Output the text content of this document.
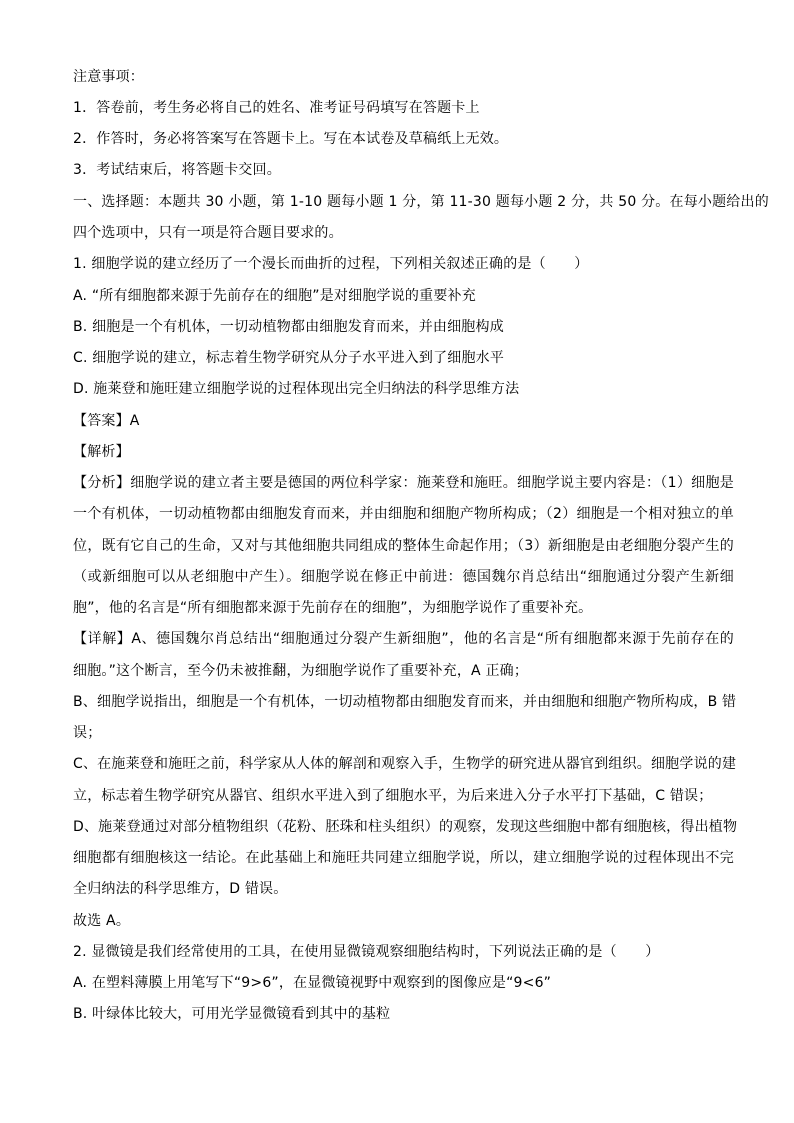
注意事项：
1．答卷前，考生务必将自己的姓名、准考证号码填写在答题卡上
2．作答时，务必将答案写在答题卡上。写在本试卷及草稿纸上无效。
3．考试结束后，将答题卡交回。
一、选择题：本题共 30 小题，第 1-10 题每小题 1 分，第 11-30 题每小题 2 分，共 50 分。在每小题给出的
四个选项中，只有一项是符合题目要求的。
1. 细胞学说的建立经历了一个漫长而曲折的过程，下列相关叙述正确的是（　　）
A. “所有细胞都来源于先前存在的细胞”是对细胞学说的重要补充
B. 细胞是一个有机体，一切动植物都由细胞发育而来，并由细胞构成
C. 细胞学说的建立，标志着生物学研究从分子水平进入到了细胞水平
D. 施莱登和施旺建立细胞学说的过程体现出完全归纳法的科学思维方法
【答案】A
【解析】
【分析】细胞学说的建立者主要是德国的两位科学家：施莱登和施旺。细胞学说主要内容是：（1）细胞是
一个有机体，一切动植物都由细胞发育而来，并由细胞和细胞产物所构成；（2）细胞是一个相对独立的单
位，既有它自己的生命，又对与其他细胞共同组成的整体生命起作用；（3）新细胞是由老细胞分裂产生的
（或新细胞可以从老细胞中产生）。细胞学说在修正中前进：德国魏尔肖总结出“细胞通过分裂产生新细
胞”，他的名言是“所有细胞都来源于先前存在的细胞”，为细胞学说作了重要补充。
【详解】A、德国魏尔肖总结出“细胞通过分裂产生新细胞”，他的名言是“所有细胞都来源于先前存在的
细胞。”这个断言，至今仍未被推翻，为细胞学说作了重要补充，A 正确；
B、细胞学说指出，细胞是一个有机体，一切动植物都由细胞发育而来，并由细胞和细胞产物所构成，B 错
误；
C、在施莱登和施旺之前，科学家从人体的解剖和观察入手，生物学的研究进从器官到组织。细胞学说的建
立，标志着生物学研究从器官、组织水平进入到了细胞水平，为后来进入分子水平打下基础，C 错误；
D、施莱登通过对部分植物组织（花粉、胚珠和柱头组织）的观察，发现这些细胞中都有细胞核，得出植物
细胞都有细胞核这一结论。在此基础上和施旺共同建立细胞学说，所以，建立细胞学说的过程体现出不完
全归纳法的科学思维方，D 错误。
故选 A。
2. 显微镜是我们经常使用的工具，在使用显微镜观察细胞结构时，下列说法正确的是（　　）
A. 在塑料薄膜上用笔写下“9>6”，在显微镜视野中观察到的图像应是“9<6”
B. 叶绿体比较大，可用光学显微镜看到其中的基粒
